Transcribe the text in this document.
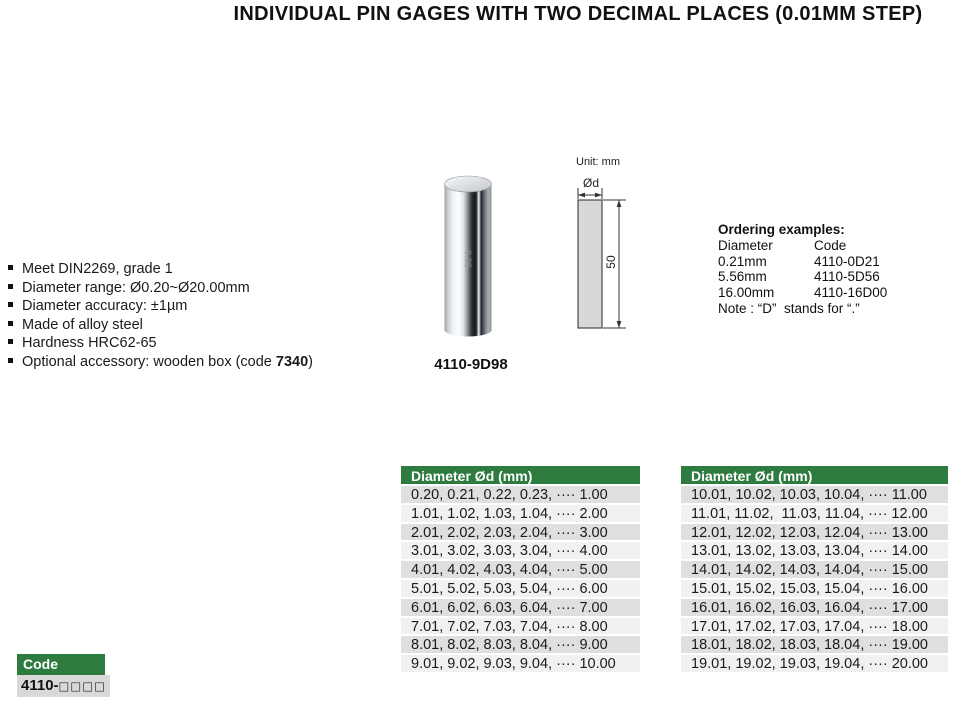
INDIVIDUAL PIN GAGES WITH TWO DECIMAL PLACES (0.01MM STEP)
Meet DIN2269, grade 1
Diameter range: Ø0.20~Ø20.00mm
Diameter accuracy: ±1µm
Made of alloy steel
Hardness HRC62-65
Optional accessory: wooden box (code 7340)
9.98
4110-9D98
Unit: mm
Ød
50
Ordering examples:
Diameter	Code
0.21mm	4110-0D21
5.56mm	4110-5D56
16.00mm	4110-16D00
Note : “D”  stands for “.”
Diameter Ød (mm)
0.20, 0.21, 0.22, 0.23, ···· 1.00
1.01, 1.02, 1.03, 1.04, ···· 2.00
2.01, 2.02, 2.03, 2.04, ···· 3.00
3.01, 3.02, 3.03, 3.04, ···· 4.00
4.01, 4.02, 4.03, 4.04, ···· 5.00
5.01, 5.02, 5.03, 5.04, ···· 6.00
6.01, 6.02, 6.03, 6.04, ···· 7.00
7.01, 7.02, 7.03, 7.04, ···· 8.00
8.01, 8.02, 8.03, 8.04, ···· 9.00
9.01, 9.02, 9.03, 9.04, ···· 10.00
Diameter Ød (mm)
10.01, 10.02, 10.03, 10.04, ···· 11.00
11.01, 11.02,  11.03, 11.04, ···· 12.00
12.01, 12.02, 12.03, 12.04, ···· 13.00
13.01, 13.02, 13.03, 13.04, ···· 14.00
14.01, 14.02, 14.03, 14.04, ···· 15.00
15.01, 15.02, 15.03, 15.04, ···· 16.00
16.01, 16.02, 16.03, 16.04, ···· 17.00
17.01, 17.02, 17.03, 17.04, ···· 18.00
18.01, 18.02, 18.03, 18.04, ···· 19.00
19.01, 19.02, 19.03, 19.04, ···· 20.00
Code
4110-□□□□
